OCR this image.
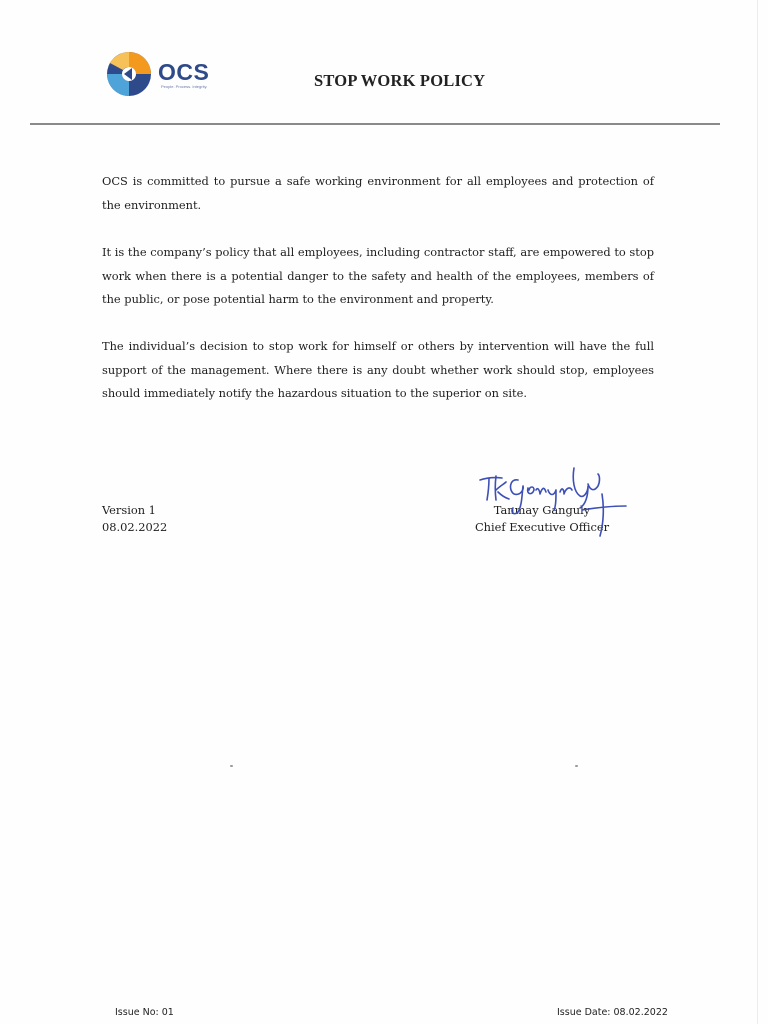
OCS
People. Process. Integrity.	STOP WORK POLICY

OCS is committed to pursue a safe working environment for all employees and protection of the environment.

It is the company’s policy that all employees, including contractor staff, are empowered to stop work when there is a potential danger to the safety and health of the employees, members of the public, or pose potential harm to the environment and property.

The individual’s decision to stop work for himself or others by intervention will have the full support of the management. Where there is any doubt whether work should stop, employees should immediately notify the hazardous situation to the superior on site.

Version 1
08.02.2022
Tanmay Ganguly
Chief Executive Officer
Issue No: 01	Issue Date: 08.02.2022
